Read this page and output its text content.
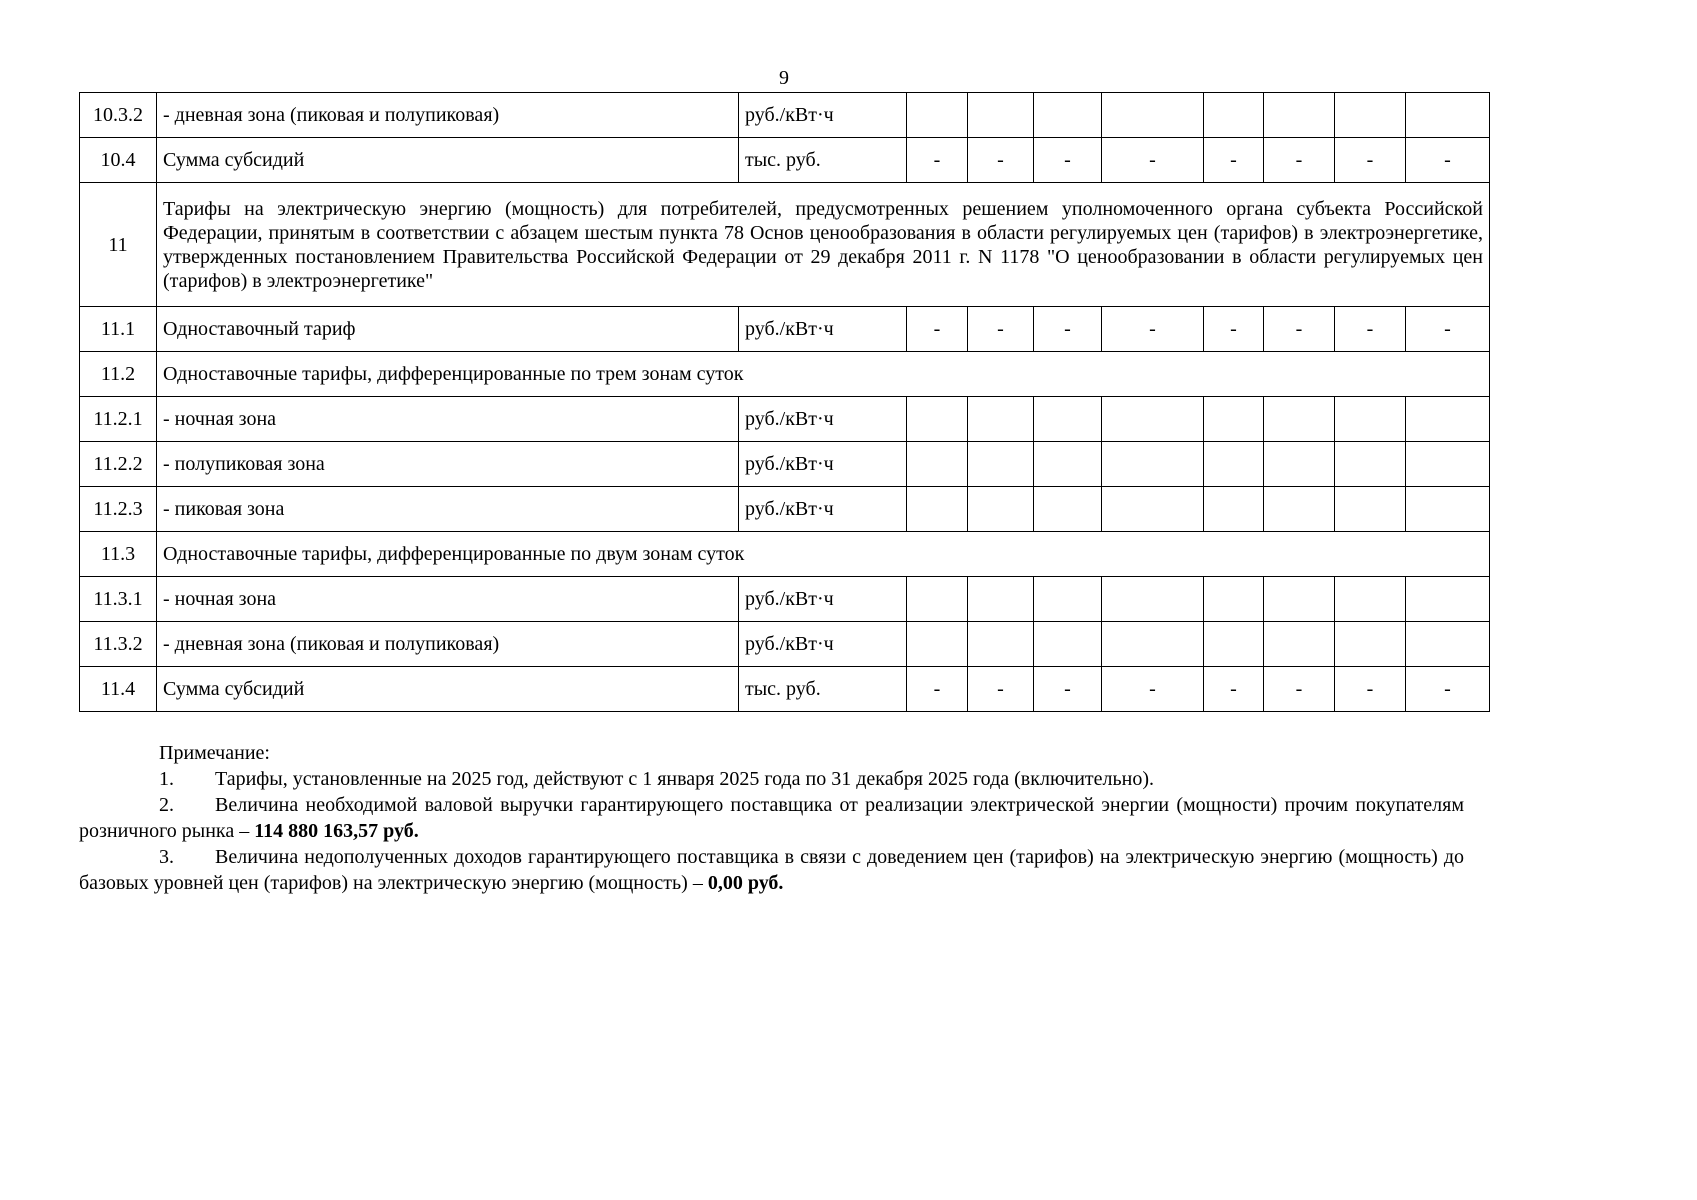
9
10.3.2	- дневная зона (пиковая и полупиковая)	руб./кВт·ч								
10.4	Сумма субсидий	тыс. руб.	-	-	-	-	-	-	-	-
11	Тарифы на электрическую энергию (мощность) для потребителей, предусмотренных решением уполномоченного органа субъекта Российской Федерации, принятым в соответствии с абзацем шестым пункта 78 Основ ценообразования в области регулируемых цен (тарифов) в электроэнергетике, утвержденных постановлением Правительства Российской Федерации от 29 декабря 2011 г. N 1178 "О ценообразовании в области регулируемых цен (тарифов) в электроэнергетике"									
11.1	Одноставочный тариф	руб./кВт·ч	-	-	-	-	-	-	-	-
11.2	Одноставочные тарифы, дифференцированные по трем зонам суток									
11.2.1	- ночная зона	руб./кВт·ч								
11.2.2	- полупиковая зона	руб./кВт·ч								
11.2.3	- пиковая зона	руб./кВт·ч								
11.3	Одноставочные тарифы, дифференцированные по двум зонам суток									
11.3.1	- ночная зона	руб./кВт·ч								
11.3.2	- дневная зона (пиковая и полупиковая)	руб./кВт·ч								
11.4	Сумма субсидий	тыс. руб.	-	-	-	-	-	-	-	-
Примечание:
1. Тарифы, установленные на 2025 год, действуют с 1 января 2025 года по 31 декабря 2025 года (включительно).
2. Величина необходимой валовой выручки гарантирующего поставщика от реализации электрической энергии (мощности) прочим покупателям розничного рынка – 114 880 163,57 руб.
3. Величина недополученных доходов гарантирующего поставщика в связи с доведением цен (тарифов) на электрическую энергию (мощность) до базовых уровней цен (тарифов) на электрическую энергию (мощность) – 0,00 руб.
